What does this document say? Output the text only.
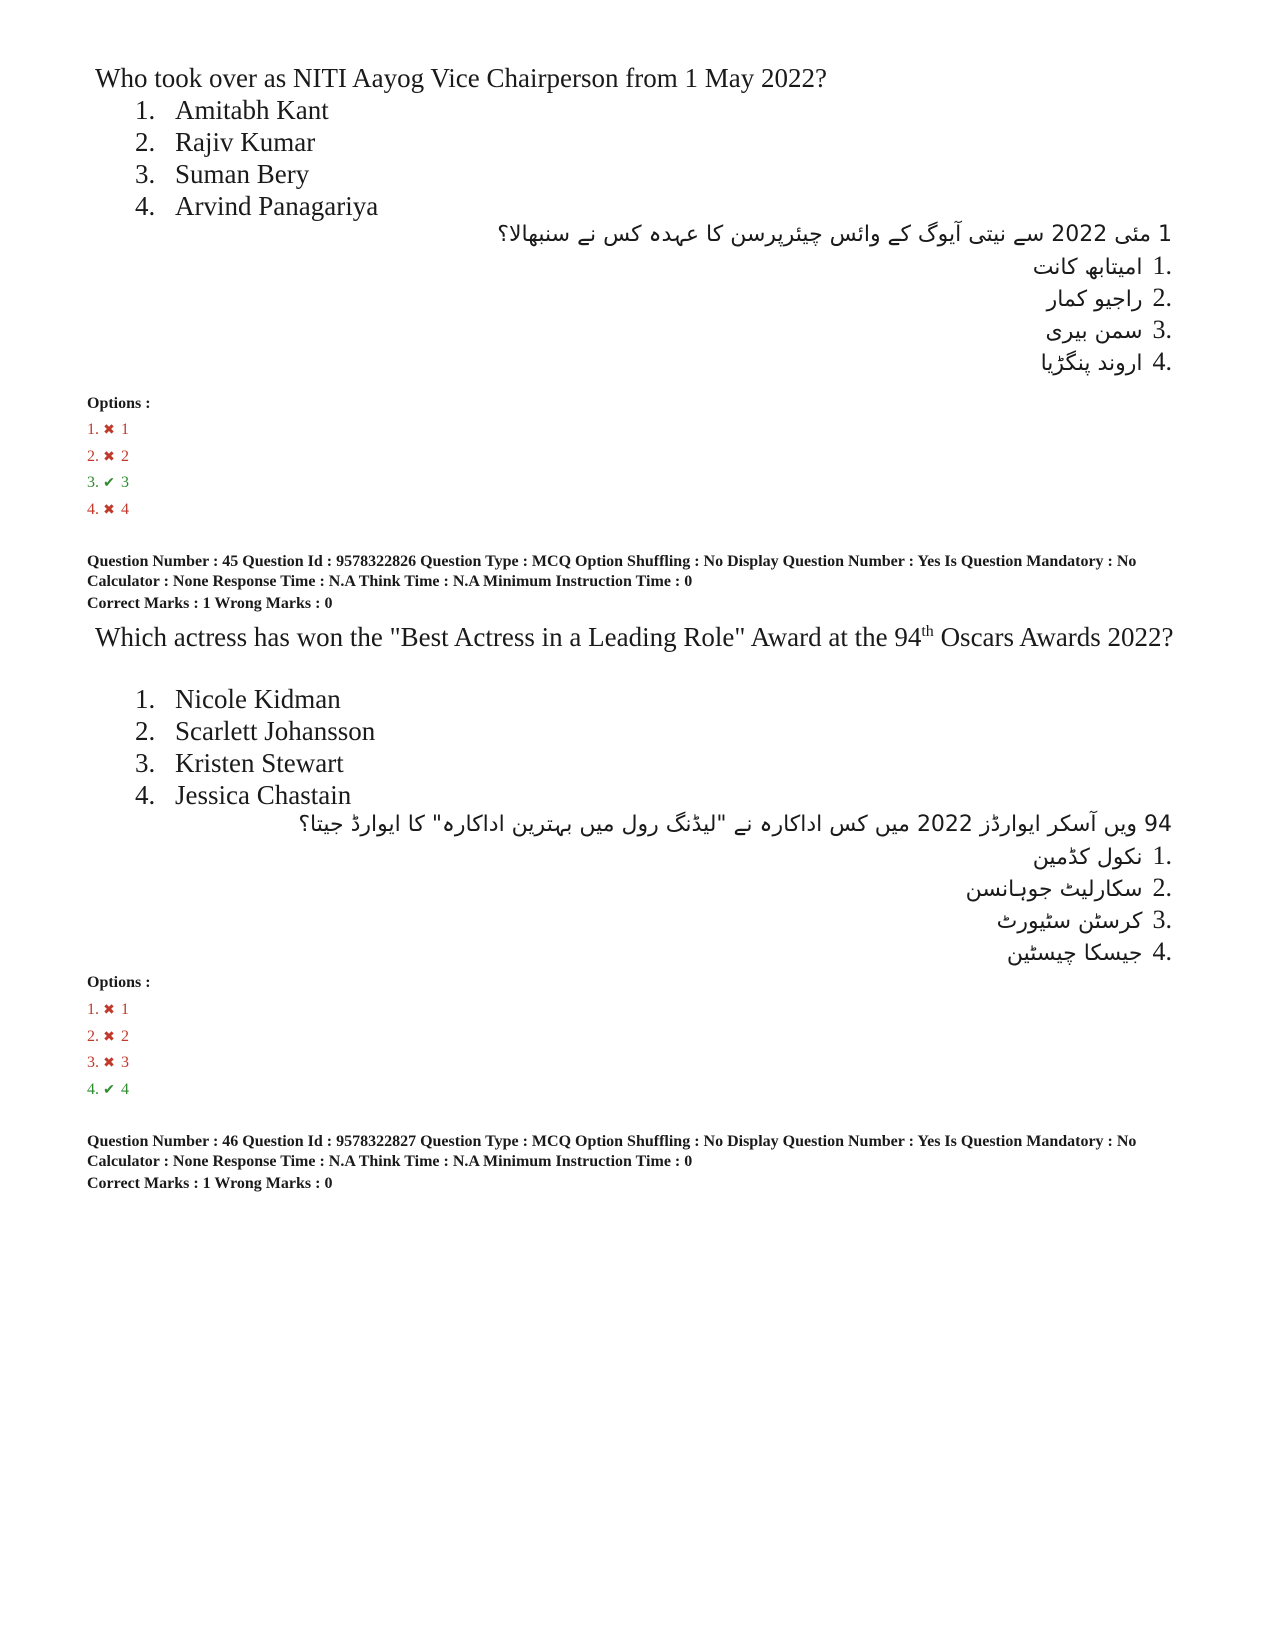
Who took over as NITI Aayog Vice Chairperson from 1 May 2022?
1. Amitabh Kant
2. Rajiv Kumar
3. Suman Bery
4. Arvind Panagariya
1 مئی 2022 سے نیتی آیوگ کے وائس چیئرپرسن کا عہدہ کس نے سنبھالا؟
.1امیتابھ کانت
.2راجیو کمار
.3سمن بیری
.4اروند پنگڑیا
Options :
1. ✖ 1
2. ✖ 2
3. ✔ 3
4. ✖ 4
Question Number : 45 Question Id : 9578322826 Question Type : MCQ Option Shuffling : No Display Question Number : Yes Is Question Mandatory : No Calculator : None Response Time : N.A Think Time : N.A Minimum Instruction Time : 0
Correct Marks : 1 Wrong Marks : 0
Which actress has won the "Best Actress in a Leading Role" Award at the 94th Oscars Awards 2022?
1. Nicole Kidman
2. Scarlett Johansson
3. Kristen Stewart
4. Jessica Chastain
94 ویں آسکر ایوارڈز 2022 میں کس اداکارہ نے "لیڈنگ رول میں بہترین اداکارہ" کا ایوارڈ جیتا؟
.1نکول کڈمین
.2سکارلیٹ جوہانسن
.3کرسٹن سٹیورٹ
.4جیسکا چیسٹین
Options :
1. ✖ 1
2. ✖ 2
3. ✖ 3
4. ✔ 4
Question Number : 46 Question Id : 9578322827 Question Type : MCQ Option Shuffling : No Display Question Number : Yes Is Question Mandatory : No Calculator : None Response Time : N.A Think Time : N.A Minimum Instruction Time : 0
Correct Marks : 1 Wrong Marks : 0
